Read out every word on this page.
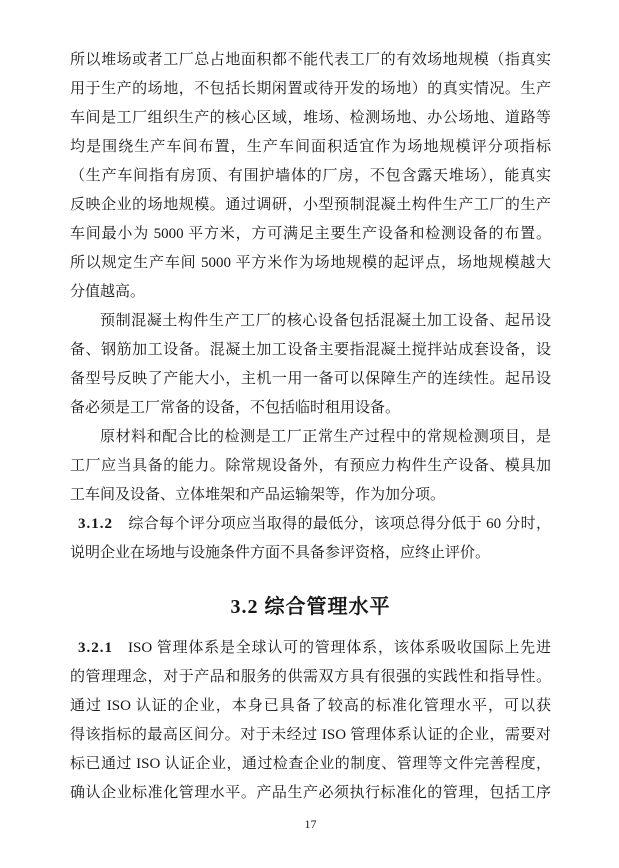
所以堆场或者工厂总占地面积都不能代表工厂的有效场地规模（指真实
用于生产的场地，不包括长期闲置或待开发的场地）的真实情况。生产
车间是工厂组织生产的核心区域，堆场、检测场地、办公场地、道路等
均是围绕生产车间布置，生产车间面积适宜作为场地规模评分项指标
（生产车间指有房顶、有围护墙体的厂房，不包含露天堆场），能真实
反映企业的场地规模。通过调研，小型预制混凝土构件生产工厂的生产
车间最小为 5000 平方米，方可满足主要生产设备和检测设备的布置。
所以规定生产车间 5000 平方米作为场地规模的起评点，场地规模越大
分值越高。
预制混凝土构件生产工厂的核心设备包括混凝土加工设备、起吊设
备、钢筋加工设备。混凝土加工设备主要指混凝土搅拌站成套设备，设
备型号反映了产能大小，主机一用一备可以保障生产的连续性。起吊设
备必须是工厂常备的设备，不包括临时租用设备。
原材料和配合比的检测是工厂正常生产过程中的常规检测项目，是
工厂应当具备的能力。除常规设备外，有预应力构件生产设备、模具加
工车间及设备、立体堆架和产品运输架等，作为加分项。
3.1.2 综合每个评分项应当取得的最低分，该项总得分低于 60 分时，
说明企业在场地与设施条件方面不具备参评资格，应终止评价。
3.2 综合管理水平
3.2.1 ISO 管理体系是全球认可的管理体系，该体系吸收国际上先进
的管理理念，对于产品和服务的供需双方具有很强的实践性和指导性。
通过 ISO 认证的企业，本身已具备了较高的标准化管理水平，可以获
得该指标的最高区间分。对于未经过 ISO 管理体系认证的企业，需要对
标已通过 ISO 认证企业，通过检查企业的制度、管理等文件完善程度，
确认企业标准化管理水平。产品生产必须执行标准化的管理，包括工序
17
